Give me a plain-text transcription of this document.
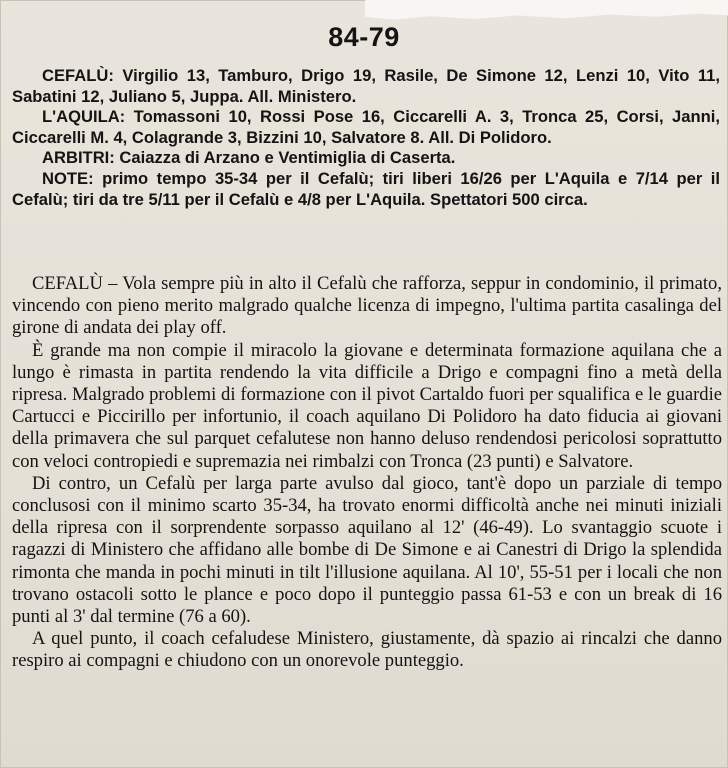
84-79

CEFALÙ: Virgilio 13, Tamburo, Drigo 19, Rasile, De Simone 12, Lenzi 10, Vito 11, Sabatini 12, Juliano 5, Juppa. All. Ministero.

L'AQUILA: Tomassoni 10, Rossi Pose 16, Ciccarelli A. 3, Tronca 25, Corsi, Janni, Ciccarelli M. 4, Colagrande 3, Bizzini 10, Salvatore 8. All. Di Polidoro.

ARBITRI: Caiazza di Arzano e Ventimiglia di Caserta.

NOTE: primo tempo 35-34 per il Cefalù; tiri liberi 16/26 per L'Aquila e 7/14 per il Cefalù; tiri da tre 5/11 per il Cefalù e 4/8 per L'Aquila. Spettatori 500 circa.

CEFALÙ – Vola sempre più in alto il Cefalù che rafforza, seppur in condominio, il primato, vincendo con pieno merito malgrado qualche licenza di impegno, l'ultima partita casalinga del girone di andata dei play off.

È grande ma non compie il miracolo la giovane e determinata formazione aquilana che a lungo è rimasta in partita rendendo la vita difficile a Drigo e compagni fino a metà della ripresa. Malgrado problemi di formazione con il pivot Cartaldo fuori per squalifica e le guardie Cartucci e Piccirillo per infortunio, il coach aquilano Di Polidoro ha dato fiducia ai giovani della primavera che sul parquet cefalutese non hanno deluso rendendosi pericolosi soprattutto con veloci contropiedi e supremazia nei rimbalzi con Tronca (23 punti) e Salvatore.

Di contro, un Cefalù per larga parte avulso dal gioco, tant'è dopo un parziale di tempo conclusosi con il minimo scarto 35-34, ha trovato enormi difficoltà anche nei minuti iniziali della ripresa con il sorprendente sorpasso aquilano al 12' (46-49). Lo svantaggio scuote i ragazzi di Ministero che affidano alle bombe di De Simone e ai Canestri di Drigo la splendida rimonta che manda in pochi minuti in tilt l'illusione aquilana. Al 10', 55-51 per i locali che non trovano ostacoli sotto le plance e poco dopo il punteggio passa 61-53 e con un break di 16 punti al 3' dal termine (76 a 60).

A quel punto, il coach cefaludese Ministero, giustamente, dà spazio ai rincalzi che danno respiro ai compagni e chiudono con un onorevole punteggio.
